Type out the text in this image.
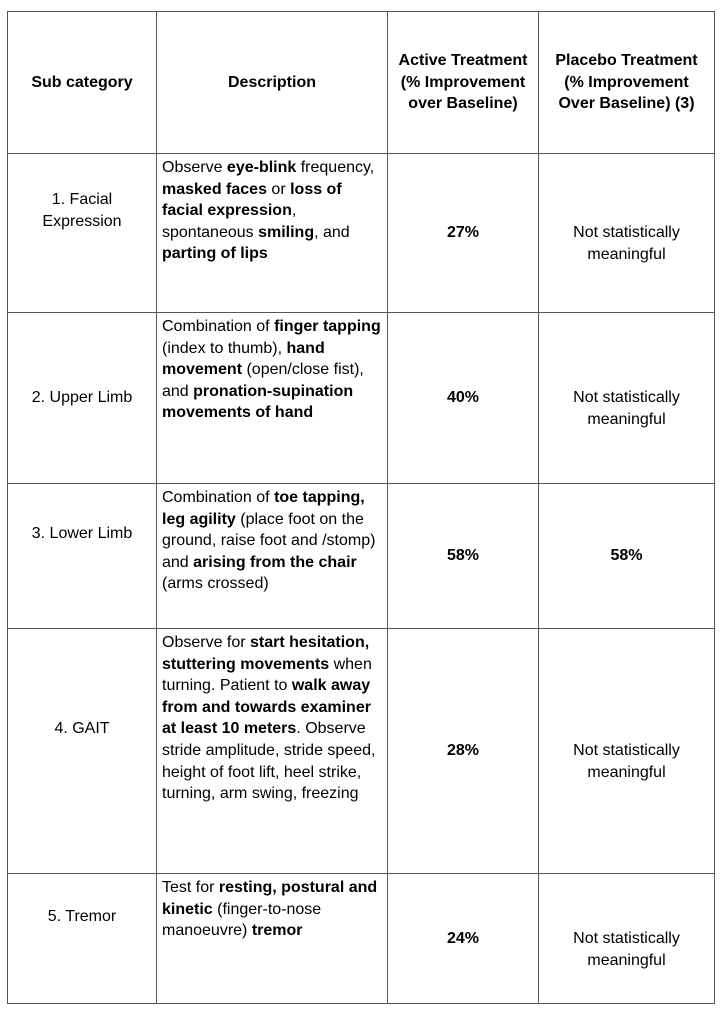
Sub category	Description	Active Treatment (% Improvement over Baseline)	Placebo Treatment (% Improvement Over Baseline) (3)

1. Facial Expression	Observe eye-blink frequency, masked faces or loss of facial expression, spontaneous smiling, and parting of lips	27%	Not statistically meaningful

2. Upper Limb	Combination of finger tapping (index to thumb), hand movement (open/close fist), and pronation-supination movements of hand	40%	Not statistically meaningful

3. Lower Limb	Combination of toe tapping, leg agility (place foot on the ground, raise foot and /stomp) and arising from the chair (arms crossed)	58%	58%

4. GAIT	Observe for start hesitation, stuttering movements when turning. Patient to walk away from and towards examiner at least 10 meters. Observe stride amplitude, stride speed, height of foot lift, heel strike, turning, arm swing, freezing	28%	Not statistically meaningful

5. Tremor	Test for resting, postural and kinetic (finger-to-nose manoeuvre) tremor	24%	Not statistically meaningful
